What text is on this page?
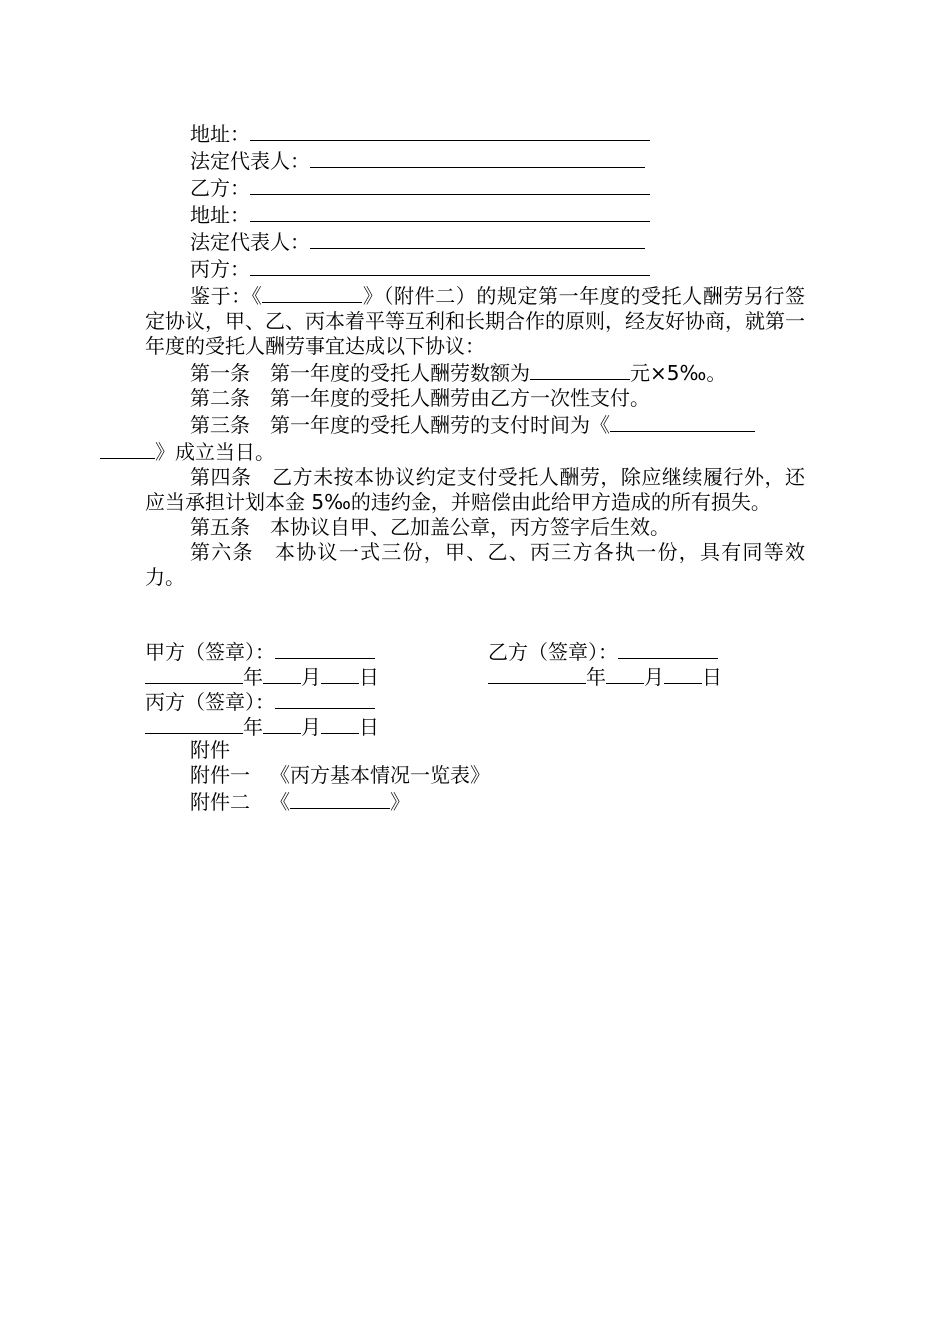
地址：
法定代表人：
乙方：
地址：
法定代表人：
丙方：
鉴于：《	》（附件二）的规定第一年度的受托人酬劳另行签定协议，甲、乙、丙本着平等互利和长期合作的原则，经友好协商，就第一年度的受托人酬劳事宜达成以下协议：
第一条 第一年度的受托人酬劳数额为	元×5‰。
第二条 第一年度的受托人酬劳由乙方一次性支付。
第三条 第一年度的受托人酬劳的支付时间为《
》成立当日。
第四条 乙方未按本协议约定支付受托人酬劳，除应继续履行外，还应当承担计划本金 5‰的违约金，并赔偿由此给甲方造成的所有损失。
第五条 本协议自甲、乙加盖公章，丙方签字后生效。
第六条 本协议一式三份，甲、乙、丙三方各执一份，具有同等效力。
甲方（签章）：	乙方（签章）：
年 月 日	年 月 日
丙方（签章）：
年 月 日
附件
附件一 《丙方基本情况一览表》
附件二 《	》
